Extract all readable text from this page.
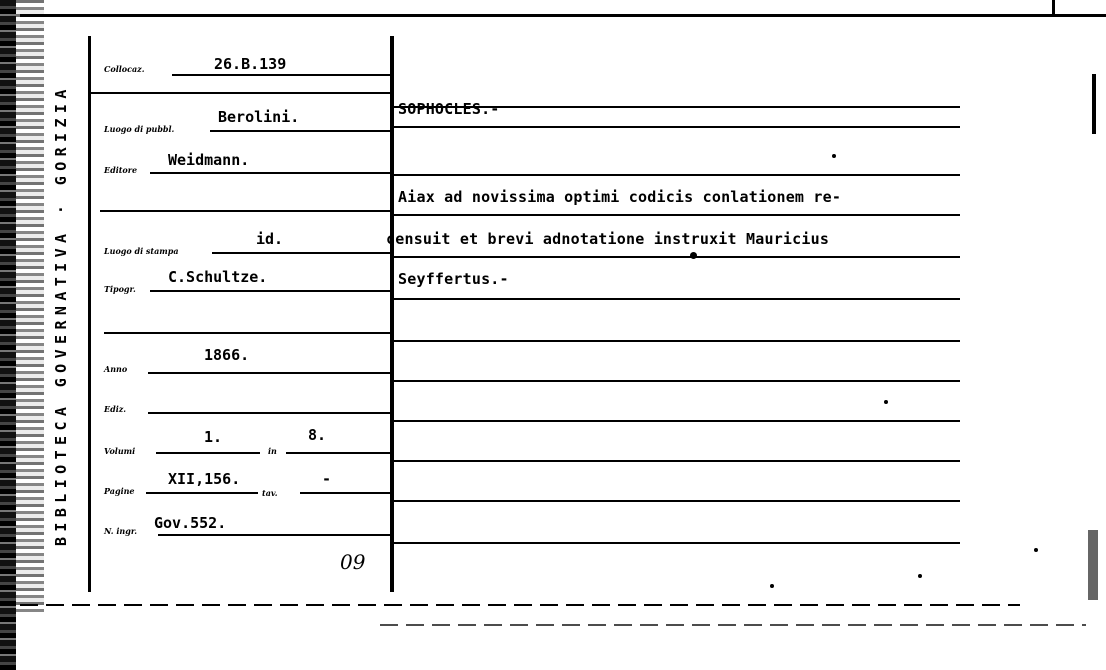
BIBLIOTECA GOVERNATIVA · GORIZIA
Collocaz.	26.B.139
Luogo di pubbl.
Berolini.
Editore
Weidmann.
Luogo di stampa
id.
Tipogr.
C.Schultze.
Anno
1866.
Ediz.
Volumi
1.
in
8.
Pagine
XII,156.
tav.
-
N. ingr. Gov.552.
09
SOPHOCLES.-
Aiax ad novissima optimi codicis conlationem re-
censuit et brevi adnotatione instruxit Mauricius
Seyffertus.-
